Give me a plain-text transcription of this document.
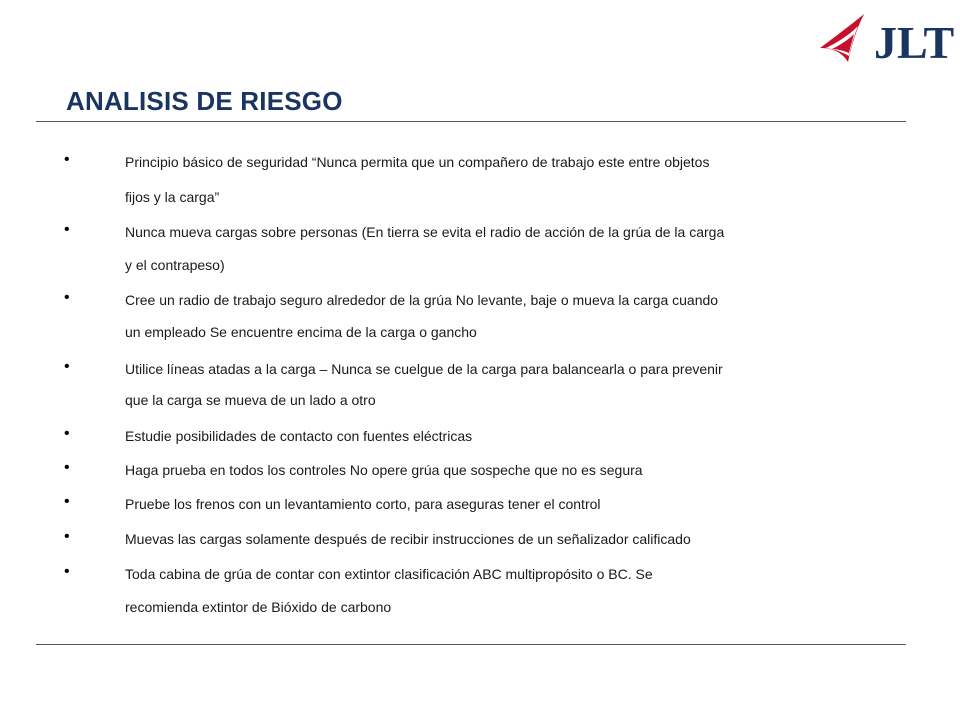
JLT
ANALISIS DE RIESGO
•	Principio básico de seguridad “Nunca permita que un compañero de trabajo este entre objetos
fijos y la carga”
•	Nunca mueva cargas sobre personas (En tierra se evita el radio de acción de la grúa de la carga
y el contrapeso)
•	Cree un radio de trabajo seguro alrededor de la grúa No levante, baje o mueva la carga cuando
un empleado Se encuentre encima de la carga o gancho
•	Utilice líneas atadas a la carga – Nunca se cuelgue de la carga para balancearla o para prevenir
que la carga se mueva de un lado a otro
•	Estudie posibilidades de contacto con fuentes eléctricas
•	Haga prueba en todos los controles No opere grúa que sospeche que no es segura
•	Pruebe los frenos con un levantamiento corto, para aseguras tener el control
•	Muevas las cargas solamente después de recibir instrucciones de un señalizador calificado
•	Toda cabina de grúa de contar con extintor clasificación ABC multipropósito o BC. Se
recomienda extintor de Bióxido de carbono
